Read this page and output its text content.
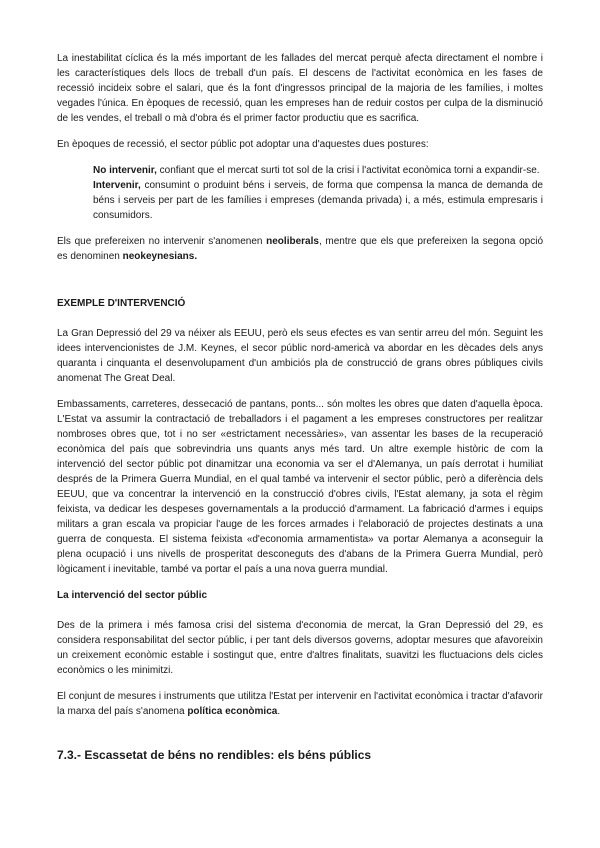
La inestabilitat cíclica és la més important de les fallades del mercat perquè afecta directament el nombre i les característiques dels llocs de treball d'un país. El descens de l'activitat econòmica en les fases de recessió incideix sobre el salari, que és la font d'ingressos principal de la majoria de les famílies, i moltes vegades l'única. En èpoques de recessió, quan les empreses han de reduir costos per culpa de la disminució de les vendes, el treball o mà d'obra és el primer factor productiu que es sacrifica.

En èpoques de recessió, el sector públic pot adoptar una d'aquestes dues postures:

No intervenir, confiant que el mercat surti tot sol de la crisi i l'activitat econòmica torni a expandir-se.

Intervenir, consumint o produint béns i serveis, de forma que compensa la manca de demanda de béns i serveis per part de les famílies i empreses (demanda privada) i, a més, estimula empresaris i consumidors.

Els que prefereixen no intervenir s'anomenen neoliberals, mentre que els que prefereixen la segona opció es denominen neokeynesians.

EXEMPLE D'INTERVENCIÓ

La Gran Depressió del 29 va néixer als EEUU, però els seus efectes es van sentir arreu del món. Seguint les idees intervencionistes de J.M. Keynes, el secor públic nord-americà va abordar en les dècades dels anys quaranta i cinquanta el desenvolupament d'un ambiciós pla de construcció de grans obres públiques civils anomenat The Great Deal.

Embassaments, carreteres, dessecació de pantans, ponts... són moltes les obres que daten d'aquella època. L'Estat va assumir la contractació de treballadors i el pagament a les empreses constructores per realitzar nombroses obres que, tot i no ser «estrictament necessàries», van assentar les bases de la recuperació econòmica del país que sobrevindria uns quants anys més tard. Un altre exemple històric de com la intervenció del sector públic pot dinamitzar una economia va ser el d'Alemanya, un país derrotat i humiliat després de la Primera Guerra Mundial, en el qual també va intervenir el sector públic, però a diferència dels EEUU, que va concentrar la intervenció en la construcció d'obres civils, l'Estat alemany, ja sota el règim feixista, va dedicar les despeses governamentals a la producció d'armament. La fabricació d'armes i equips militars a gran escala va propiciar l'auge de les forces armades i l'elaboració de projectes destinats a una guerra de conquesta. El sistema feixista «d'economia armamentista» va portar Alemanya a aconseguir la plena ocupació i uns nivells de prosperitat desconeguts des d'abans de la Primera Guerra Mundial, però lògicament i inevitable, també va portar el país a una nova guerra mundial.

La intervenció del sector públic

Des de la primera i més famosa crisi del sistema d'economia de mercat, la Gran Depressió del 29, es considera responsabilitat del sector públic, i per tant dels diversos governs, adoptar mesures que afavoreixin un creixement econòmic estable i sostingut que, entre d'altres finalitats, suavitzi les fluctuacions dels cicles econòmics o les minimitzi.

El conjunt de mesures i instruments que utilitza l'Estat per intervenir en l'activitat econòmica i tractar d'afavorir la marxa del país s'anomena política econòmica.

7.3.- Escassetat de béns no rendibles: els béns públics
